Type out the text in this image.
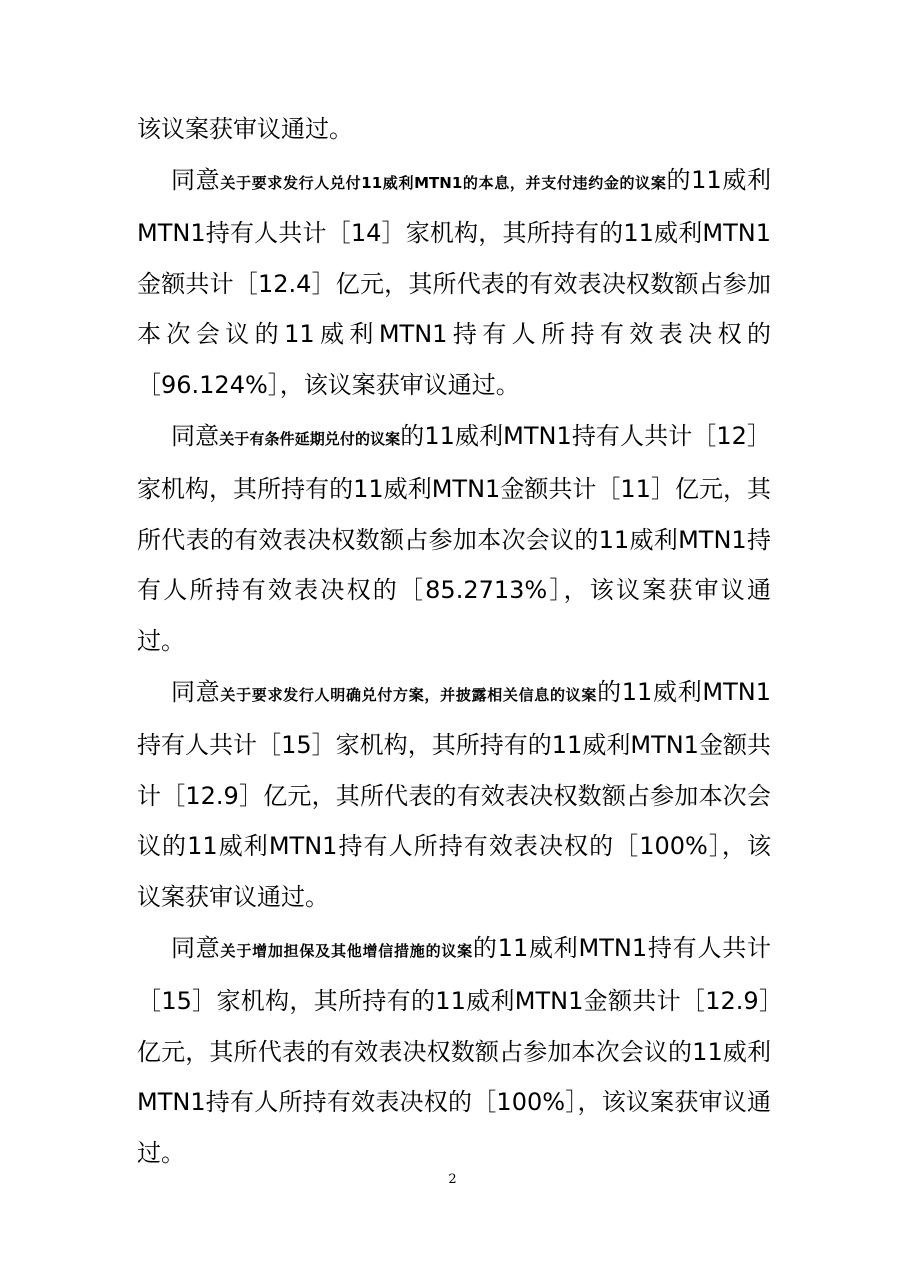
该议案获审议通过。

同意关于要求发行人兑付11威利MTN1的本息，并支付违约金的议案的11威利MTN1持有人共计［14］家机构，其所持有的11威利MTN1金额共计［12.4］亿元，其所代表的有效表决权数额占参加本次会议的11威利MTN1持有人所持有效表决权的［96.124%］，该议案获审议通过。

同意关于有条件延期兑付的议案的11威利MTN1持有人共计［12］家机构，其所持有的11威利MTN1金额共计［11］亿元，其所代表的有效表决权数额占参加本次会议的11威利MTN1持有人所持有效表决权的［85.2713%］，该议案获审议通过。

同意关于要求发行人明确兑付方案，并披露相关信息的议案的11威利MTN1持有人共计［15］家机构，其所持有的11威利MTN1金额共计［12.9］亿元，其所代表的有效表决权数额占参加本次会议的11威利MTN1持有人所持有效表决权的［100%］，该议案获审议通过。

同意关于增加担保及其他增信措施的议案的11威利MTN1持有人共计［15］家机构，其所持有的11威利MTN1金额共计［12.9］亿元，其所代表的有效表决权数额占参加本次会议的11威利MTN1持有人所持有效表决权的［100%］，该议案获审议通过。

2
